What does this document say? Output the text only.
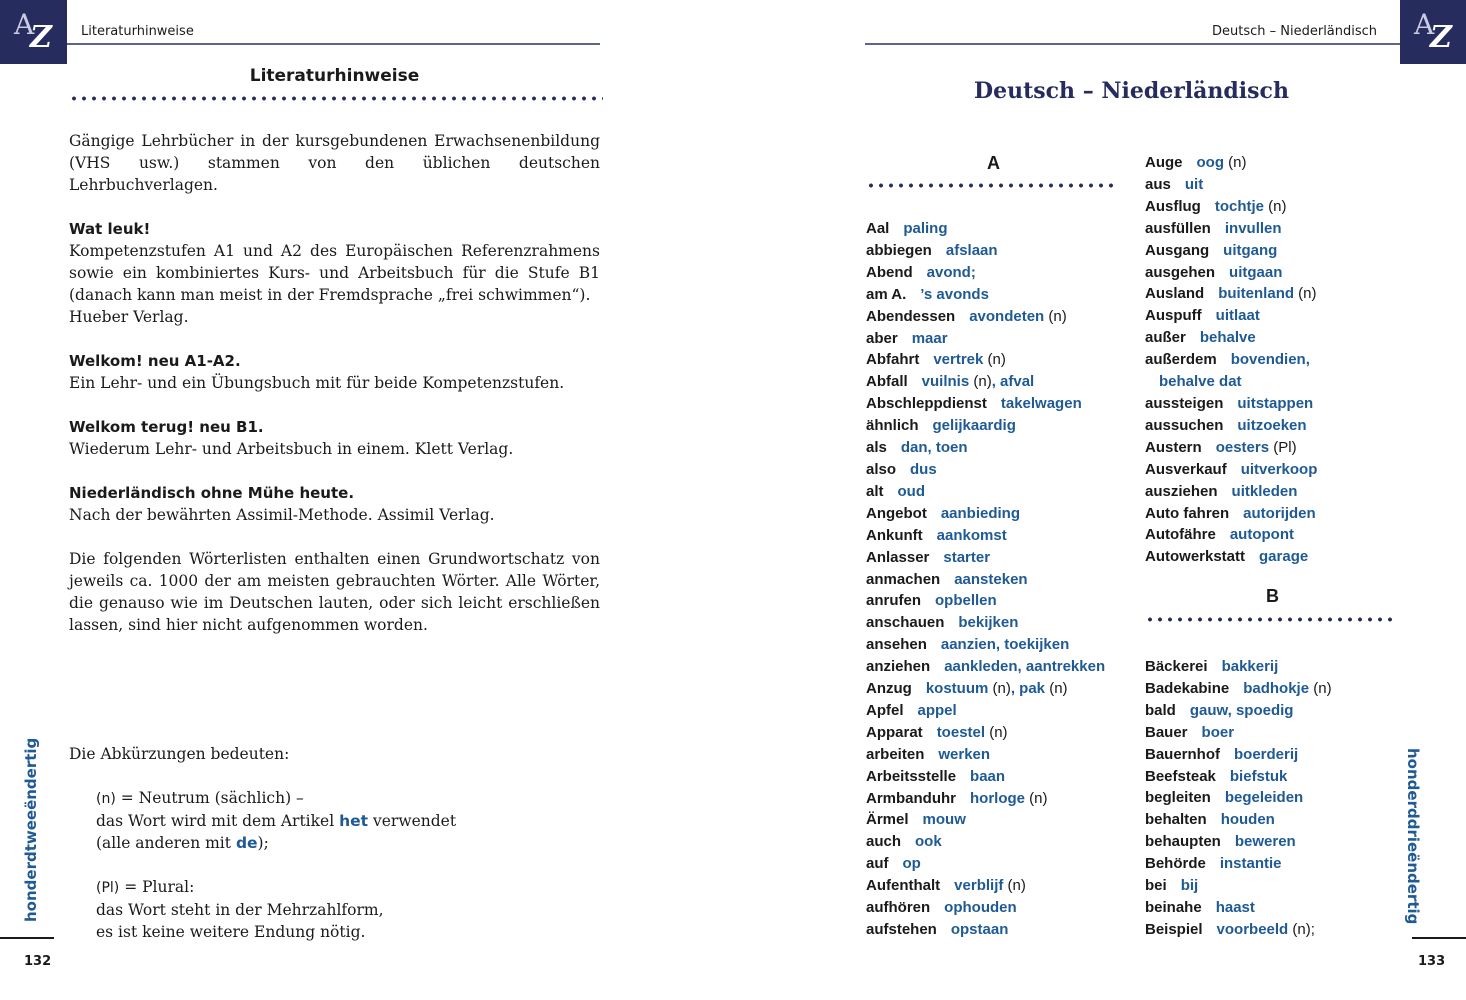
A
Z Literaturhinweise
Literaturhinweise

Gängige Lehrbücher in der kursgebundenen Erwachsenenbildung (VHS usw.) stammen von den üblichen deutschen Lehrbuchverlagen.

Wat leuk!

Kompetenzstufen A1 und A2 des Europäischen Referenzrahmens sowie ein kombiniertes Kurs- und Arbeitsbuch für die Stufe B1 (danach kann man meist in der Fremdsprache „frei schwimmen“).

Hueber Verlag.

Welkom! neu A1-A2.

Ein Lehr- und ein Übungsbuch mit für beide Kompetenzstufen.

Welkom terug! neu B1.

Wiederum Lehr- und Arbeitsbuch in einem. Klett Verlag.

Niederländisch ohne Mühe heute.

Nach der bewährten Assimil-Methode. Assimil Verlag.

Die folgenden Wörterlisten enthalten einen Grundwortschatz von jeweils ca. 1000 der am meisten gebrauchten Wörter. Alle Wörter, die genauso wie im Deutschen lauten, oder sich leicht erschließen lassen, sind hier nicht aufgenommen worden.

Die Abkürzungen bedeuten:

(n) = Neutrum (sächlich) –

das Wort wird mit dem Artikel het verwendet

(alle anderen mit de);

(Pl) = Plural:

das Wort steht in der Mehrzahlform,

es ist keine weitere Endung nötig.

honderdtweeëndertig
132
A
Z
Deutsch – Niederländisch
Deutsch – Niederländisch
A
Aal paling
abbiegen afslaan
Abend avond;
am A. ’s avonds
Abendessen avondeten (n)
aber maar
Abfahrt vertrek (n)
Abfall vuilnis (n), afval
Abschleppdienst takelwagen
ähnlich gelijkaardig
als dan, toen
also dus
alt oud
Angebot aanbieding
Ankunft aankomst
Anlasser starter
anmachen aansteken
anrufen opbellen
anschauen bekijken
ansehen aanzien, toekijken
anziehen aankleden, aantrekken
Anzug kostuum (n), pak (n)
Apfel appel
Apparat toestel (n)
arbeiten werken
Arbeitsstelle baan
Armbanduhr horloge (n)
Ärmel mouw
auch ook
auf op
Aufenthalt verblijf (n)
aufhören ophouden
aufstehen opstaan
Auge oog (n)
aus uit
Ausflug tochtje (n)
ausfüllen invullen
Ausgang uitgang
ausgehen uitgaan
Ausland buitenland (n)
Auspuff uitlaat
außer behalve
außerdem bovendien,
behalve dat
aussteigen uitstappen
aussuchen uitzoeken
Austern oesters (Pl)
Ausverkauf uitverkoop
ausziehen uitkleden
Auto fahren autorijden
Autofähre autopont
Autowerkstatt garage
B
Bäckerei bakkerij
Badekabine badhokje (n)
bald gauw, spoedig
Bauer boer
Bauernhof boerderij
Beefsteak biefstuk
begleiten begeleiden
behalten houden
behaupten beweren
Behörde instantie
bei bij
beinahe haast
Beispiel voorbeeld (n);
honderddrieëndertig
133
